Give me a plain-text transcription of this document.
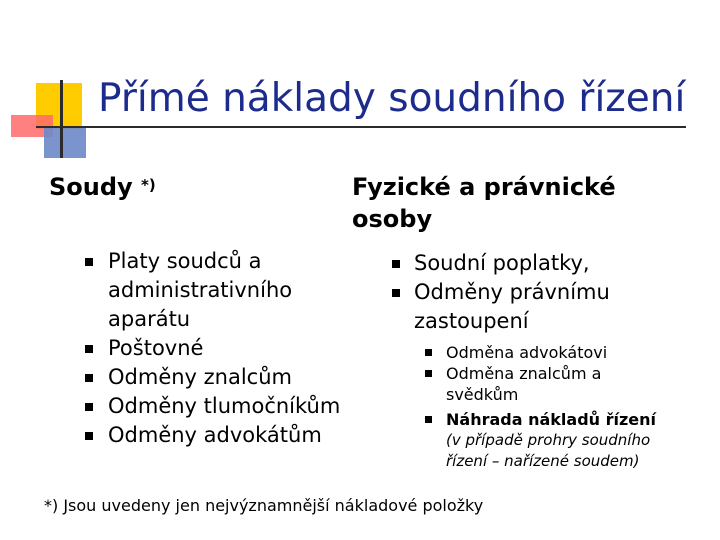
Přímé náklady soudního řízení
Soudy *)	Fyzické a právnické osoby
Platy soudců a administrativního aparátu
Poštovné
Odměny znalcům
Odměny tlumočníkům
Odměny advokátům
Soudní poplatky,
Odměny právnímu zastoupení
Odměna advokátovi
Odměna znalcům a svědkům
Náhrada nákladů řízení
(v případě prohry soudního řízení – nařízené soudem)
*) Jsou uvedeny jen nejvýznamnější nákladové položky
